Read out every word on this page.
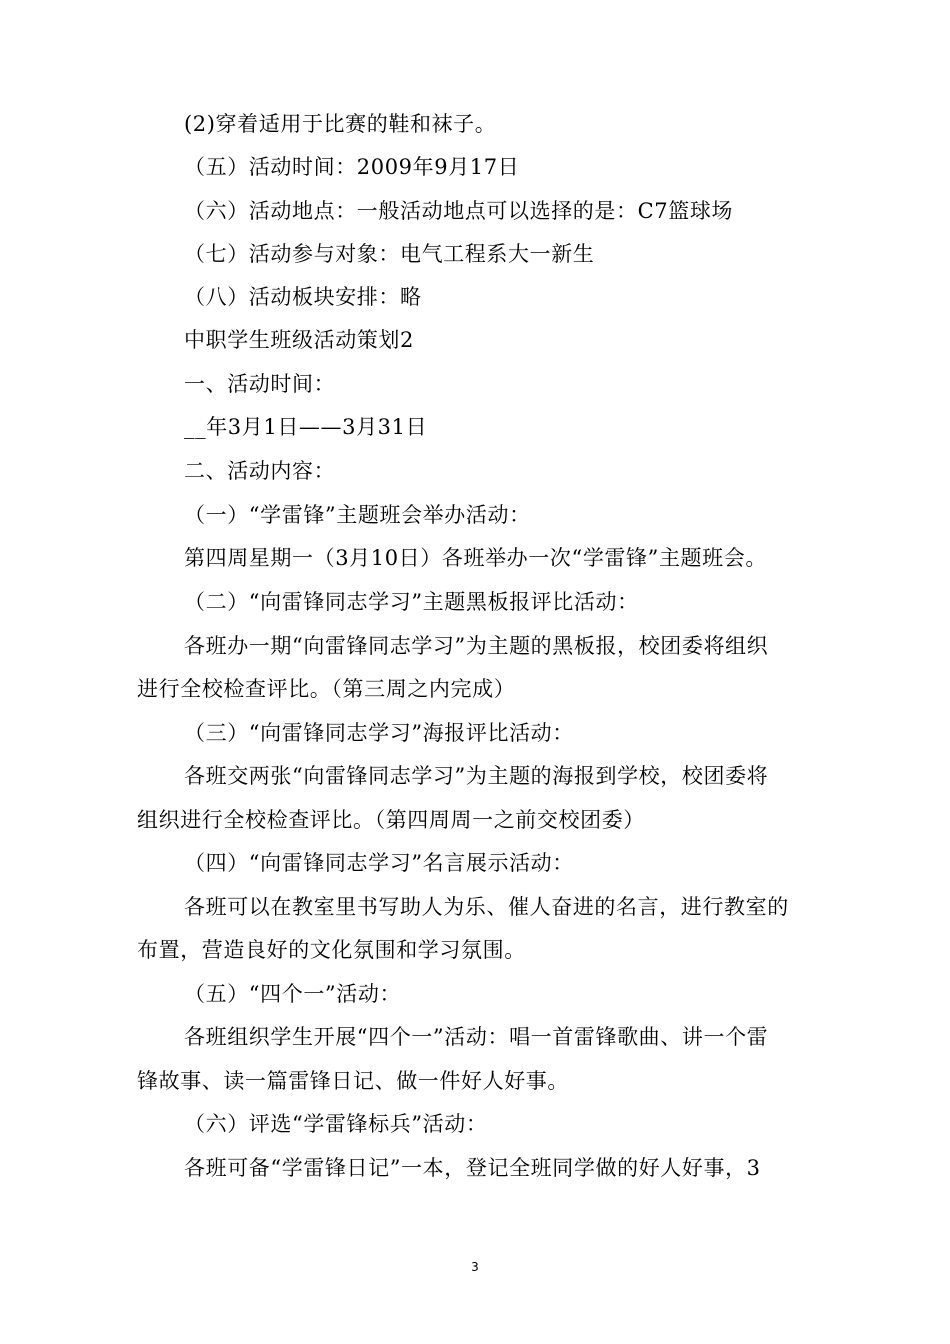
(2)穿着适用于比赛的鞋和袜子。
（五）活动时间：2009年9月17日
（六）活动地点：一般活动地点可以选择的是：C7篮球场
（七）活动参与对象：电气工程系大一新生
（八）活动板块安排：略
中职学生班级活动策划2
一、活动时间：
__年3月1日——3月31日
二、活动内容：
（一）“学雷锋”主题班会举办活动：
第四周星期一（3月10日）各班举办一次“学雷锋”主题班会。
（二）“向雷锋同志学习”主题黑板报评比活动：
各班办一期“向雷锋同志学习”为主题的黑板报，校团委将组织
进行全校检查评比。（第三周之内完成）
（三）“向雷锋同志学习”海报评比活动：
各班交两张“向雷锋同志学习”为主题的海报到学校，校团委将
组织进行全校检查评比。（第四周周一之前交校团委）
（四）“向雷锋同志学习”名言展示活动：
各班可以在教室里书写助人为乐、催人奋进的名言，进行教室的
布置，营造良好的文化氛围和学习氛围。
（五）“四个一”活动：
各班组织学生开展“四个一”活动：唱一首雷锋歌曲、讲一个雷
锋故事、读一篇雷锋日记、做一件好人好事。
（六）评选“学雷锋标兵”活动：
各班可备“学雷锋日记”一本，登记全班同学做的好人好事，3
3
